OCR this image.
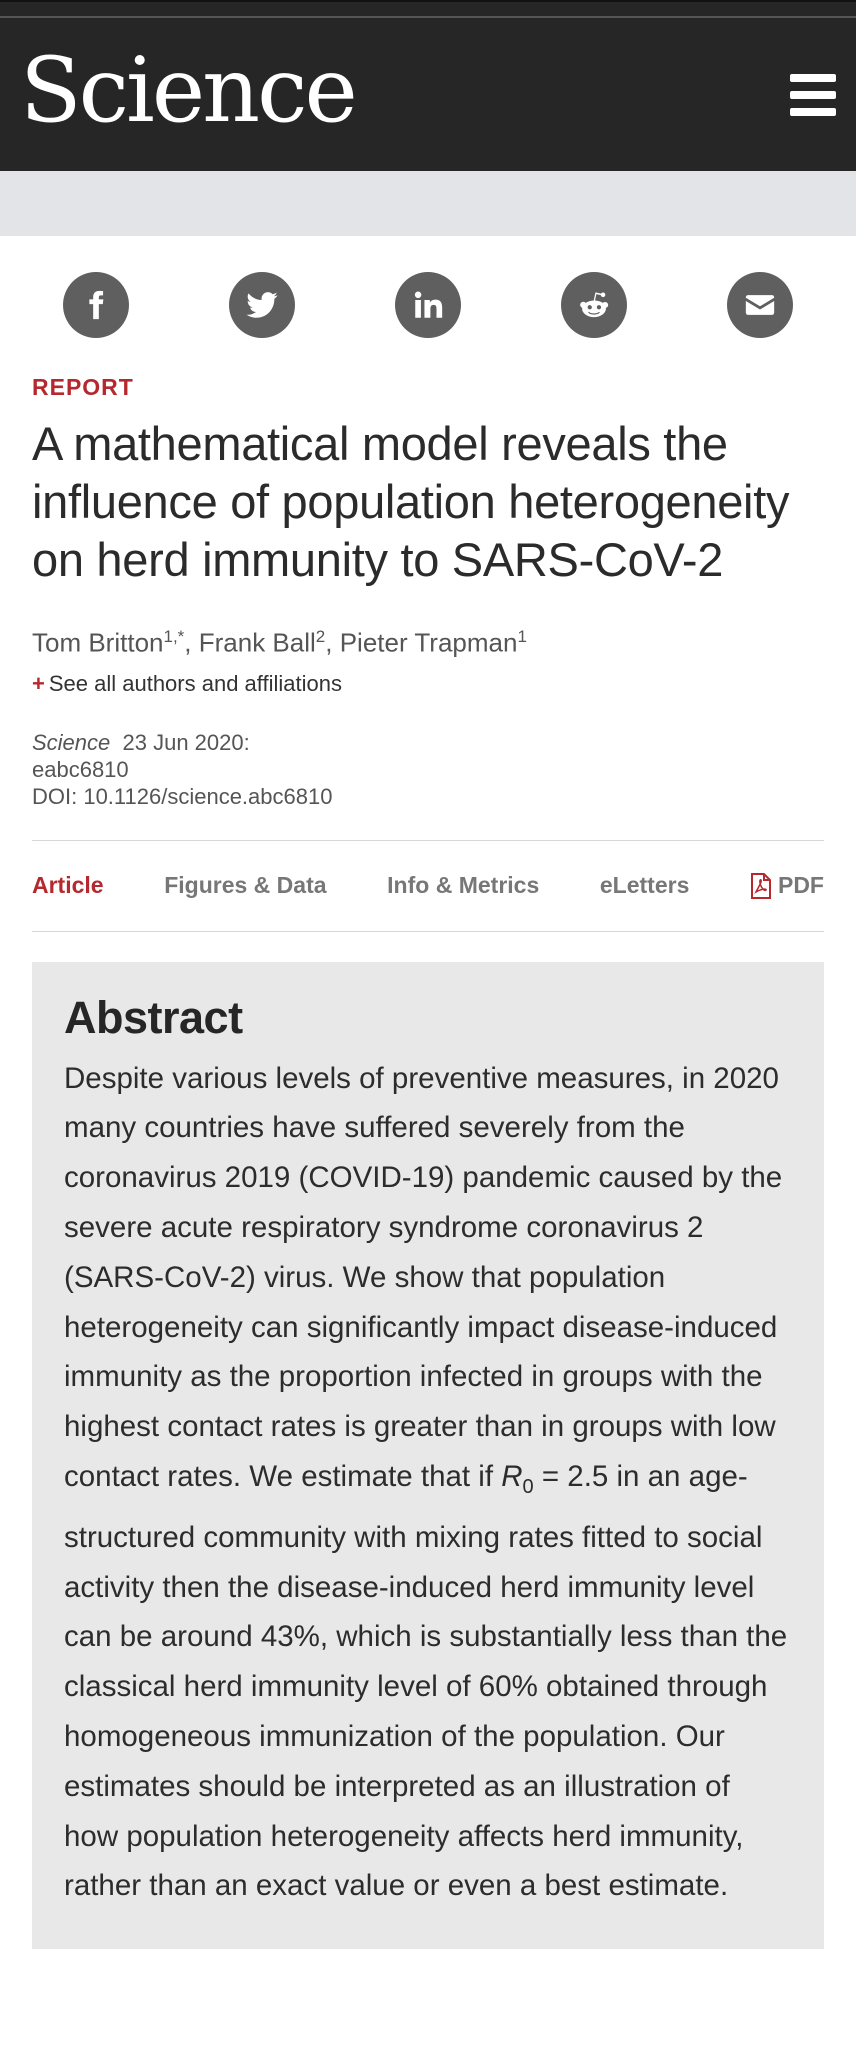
Science
REPORT
A mathematical model reveals the influence of population heterogeneity on herd immunity to SARS-CoV-2
Tom Britton$^{1,*}$, Frank Ball$^2$, Pieter Trapman$^1$
+ See all authors and affiliations
Science 23 Jun 2020:
eabc6810
DOI: 10.1126/science.abc6810
Article	Figures & Data	Info & Metrics	eLetters	PDF
Abstract

Despite various levels of preventive measures, in 2020 many countries have suffered severely from the coronavirus 2019 (COVID-19) pandemic caused by the severe acute respiratory syndrome coronavirus 2 (SARS-CoV-2) virus. We show that population heterogeneity can significantly impact disease-induced immunity as the proportion infected in groups with the highest contact rates is greater than in groups with low contact rates. We estimate that if $R_0 = 2.5$ in an age-structured community with mixing rates fitted to social activity then the disease-induced herd immunity level can be around 43%, which is substantially less than the classical herd immunity level of 60% obtained through homogeneous immunization of the population. Our estimates should be interpreted as an illustration of how population heterogeneity affects herd immunity, rather than an exact value or even a best estimate.
